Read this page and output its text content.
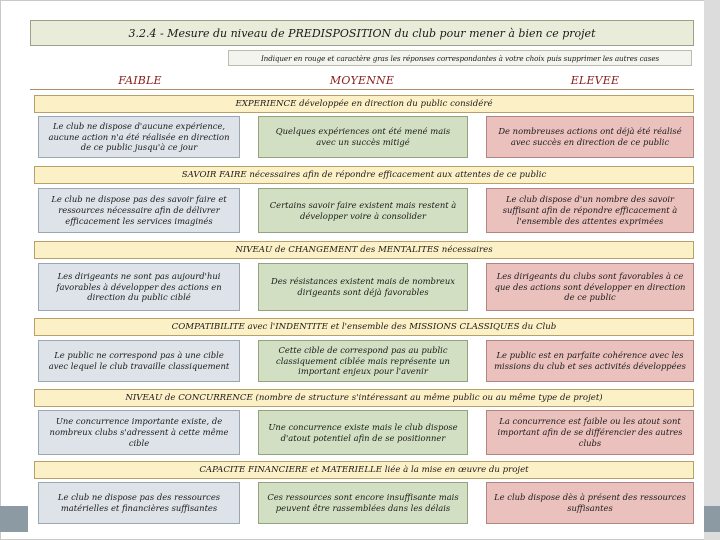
3.2.4 - Mesure du niveau de PREDISPOSITION du club pour mener à bien ce projet
Indiquer en rouge et caractère gras les réponses correspondantes à votre choix puis supprimer les autres cases
FAIBLE	MOYENNE	ELEVEE
EXPERIENCE développée en direction du public considéré
Le club ne dispose d'aucune expérience, aucune action n'a été réalisée en direction de ce public jusqu'à ce jour
Quelques expériences ont été mené mais avec un succès mitigé
De nombreuses actions ont déjà été réalisé avec succès en direction de ce public
SAVOIR FAIRE nécessaires afin de répondre efficacement aux attentes de ce public
Le club ne dispose pas des savoir faire et ressources nécessaire afin de délivrer efficacement les services imaginés
Certains savoir faire existent mais restent à développer voire à consolider
Le club dispose d'un nombre des savoir suffisant afin de répondre efficacement à l'ensemble des attentes exprimées
NIVEAU de CHANGEMENT des MENTALITES nécessaires
Les dirigeants ne sont pas aujourd'hui favorables à développer des actions en direction du public ciblé
Des résistances existent mais de nombreux dirigeants sont déjà favorables
Les dirigeants du clubs sont favorables à ce que des actions sont développer en direction de ce public
COMPATIBILITE avec l'INDENTITE et l'ensemble des MISSIONS CLASSIQUES du Club
Le public ne correspond pas à une cible avec lequel le club travaille classiquement
Cette cible de correspond pas au public classiquement ciblée mais représente un important enjeux pour l'avenir
Le public est en parfaite cohérence avec les missions du club et ses activités développées
NIVEAU de CONCURRENCE (nombre de structure s'intéressant au même public ou au même type de projet)
Une concurrence importante existe, de nombreux clubs s'adressent à cette même cible
Une concurrence existe mais le club dispose d'atout potentiel afin de se positionner
La concurrence est faible ou les atout sont important afin de se différencier des autres clubs
CAPACITE FINANCIERE et MATERIELLE liée à la mise en œuvre du projet
Le club ne dispose pas des ressources matérielles et financières suffisantes
Ces ressources sont encore insuffisante mais peuvent être rassemblées dans les délais
Le club dispose dès à présent des ressources suffisantes
